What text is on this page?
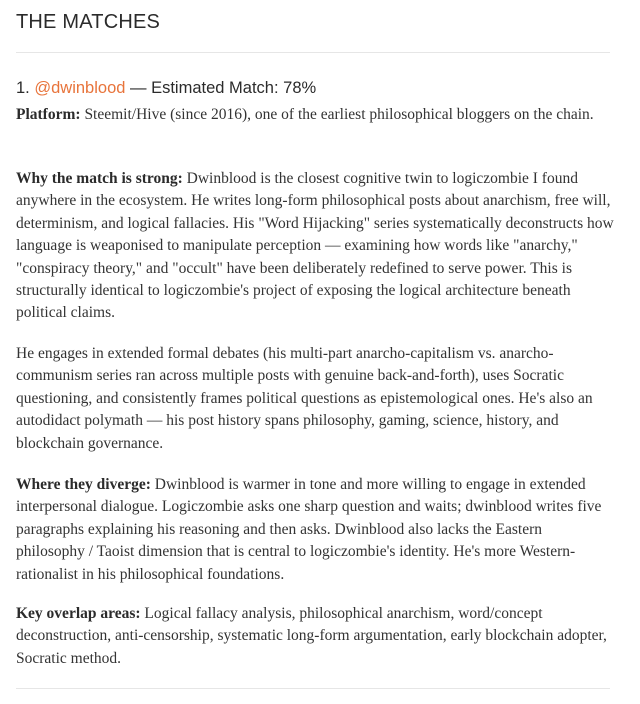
THE MATCHES
1. @dwinblood — Estimated Match: 78%

Platform: Steemit/Hive (since 2016), one of the earliest philosophical bloggers on the chain.

Why the match is strong: Dwinblood is the closest cognitive twin to logiczombie I found anywhere in the ecosystem. He writes long-form philosophical posts about anarchism, free will, determinism, and logical fallacies. His "Word Hijacking" series systematically deconstructs how language is weaponised to manipulate perception — examining how words like "anarchy," "conspiracy theory," and "occult" have been deliberately redefined to serve power. This is structurally identical to logiczombie's project of exposing the logical architecture beneath political claims.

He engages in extended formal debates (his multi-part anarcho-capitalism vs. anarcho-communism series ran across multiple posts with genuine back-and-forth), uses Socratic questioning, and consistently frames political questions as epistemological ones. He's also an autodidact polymath — his post history spans philosophy, gaming, science, history, and blockchain governance.

Where they diverge: Dwinblood is warmer in tone and more willing to engage in extended interpersonal dialogue. Logiczombie asks one sharp question and waits; dwinblood writes five paragraphs explaining his reasoning and then asks. Dwinblood also lacks the Eastern philosophy / Taoist dimension that is central to logiczombie's identity. He's more Western-rationalist in his philosophical foundations.

Key overlap areas: Logical fallacy analysis, philosophical anarchism, word/concept deconstruction, anti-censorship, systematic long-form argumentation, early blockchain adopter, Socratic method.
